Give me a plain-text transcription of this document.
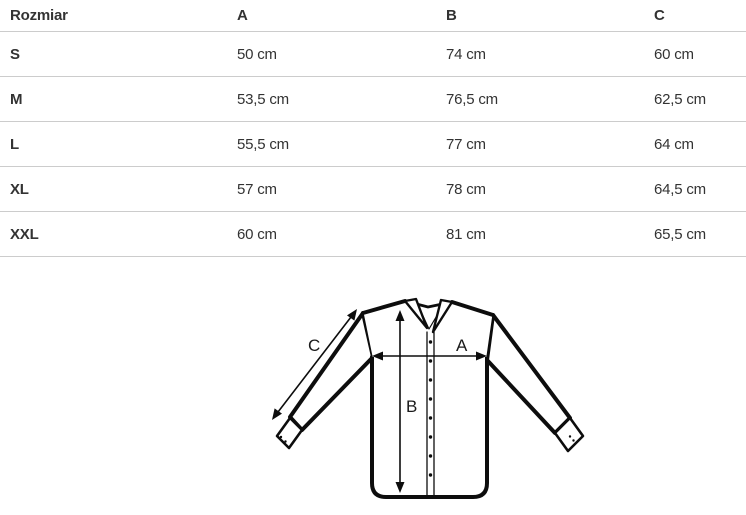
Rozmiar	A	B	C
S	50 cm	74 cm	60 cm
M	53,5 cm	76,5 cm	62,5 cm
L	55,5 cm	77 cm	64 cm
XL	57 cm	78 cm	64,5 cm
XXL	60 cm	81 cm	65,5 cm
A
B
C
